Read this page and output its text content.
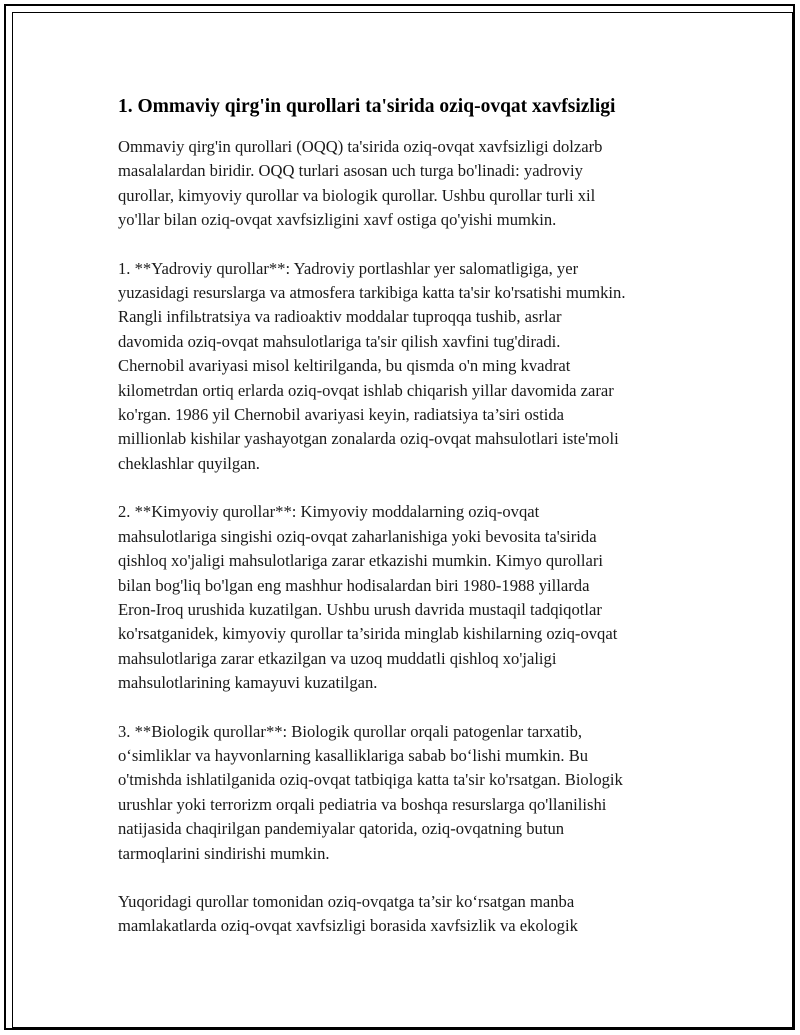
1. Ommaviy qirg'in qurollari ta'sirida oziq-ovqat xavfsizligi

Ommaviy qirg'in qurollari (OQQ) ta'sirida oziq-ovqat xavfsizligi dolzarb
masalalardan biridir. OQQ turlari asosan uch turga bo'linadi: yadroviy
qurollar, kimyoviy qurollar va biologik qurollar. Ushbu qurollar turli xil
yo'llar bilan oziq-ovqat xavfsizligini xavf ostiga qo'yishi mumkin.

1. **Yadroviy qurollar**: Yadroviy portlashlar yer salomatligiga, yer
yuzasidagi resurslarga va atmosfera tarkibiga katta ta'sir ko'rsatishi mumkin.
Rangli infilьtratsiya va radioaktiv moddalar tuproqqa tushib, asrlar
davomida oziq-ovqat mahsulotlariga ta'sir qilish xavfini tug'diradi.
Chernobil avariyasi misol keltirilganda, bu qismda o'n ming kvadrat
kilometrdan ortiq erlarda oziq-ovqat ishlab chiqarish yillar davomida zarar
ko'rgan. 1986 yil Chernobil avariyasi keyin, radiatsiya ta’siri ostida
millionlab kishilar yashayotgan zonalarda oziq-ovqat mahsulotlari iste'moli
cheklashlar quyilgan.

2. **Kimyoviy qurollar**: Kimyoviy moddalarning oziq-ovqat
mahsulotlariga singishi oziq-ovqat zaharlanishiga yoki bevosita ta'sirida
qishloq xo'jaligi mahsulotlariga zarar etkazishi mumkin. Kimyo qurollari
bilan bog'liq bo'lgan eng mashhur hodisalardan biri 1980-1988 yillarda
Eron-Iroq urushida kuzatilgan. Ushbu urush davrida mustaqil tadqiqotlar
ko'rsatganidek, kimyoviy qurollar ta’sirida minglab kishilarning oziq-ovqat
mahsulotlariga zarar etkazilgan va uzoq muddatli qishloq xo'jaligi
mahsulotlarining kamayuvi kuzatilgan.

3. **Biologik qurollar**: Biologik qurollar orqali patogenlar tarxatib,
o‘simliklar va hayvonlarning kasalliklariga sabab bo‘lishi mumkin. Bu
o'tmishda ishlatilganida oziq-ovqat tatbiqiga katta ta'sir ko'rsatgan. Biologik
urushlar yoki terrorizm orqali pediatria va boshqa resurslarga qo'llanilishi
natijasida chaqirilgan pandemiyalar qatorida, oziq-ovqatning butun
tarmoqlarini sindirishi mumkin.

Yuqoridagi qurollar tomonidan oziq-ovqatga ta’sir ko‘rsatgan manba
mamlakatlarda oziq-ovqat xavfsizligi borasida xavfsizlik va ekologik
